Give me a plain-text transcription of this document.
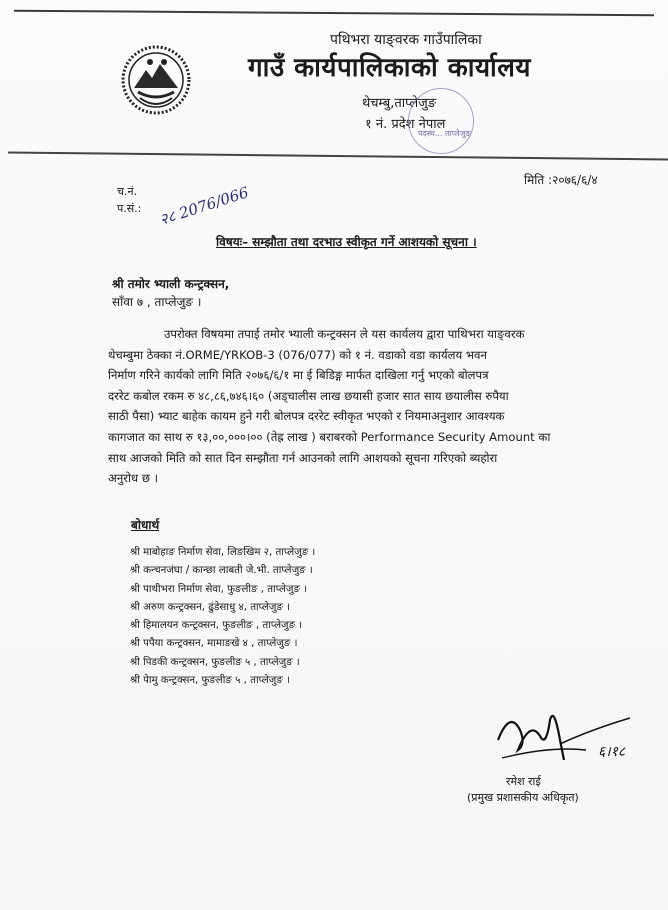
पथिभरा याङ्वरक गाउँपालिका
गाउँ कार्यपालिकाको कार्यालय
थेचम्बु,ताप्लेजुङ
१ नं. प्रदेश नेपाल
पदस्थ... ताप्लेजुङ
मिति :२०७६/६/४
च.नं.
प.सं.: २८ 2076/066
विषयः– सम्झौता तथा दरभाउ स्वीकृत गर्ने आशयको सूचना ।
श्री तमोर भ्याली कन्ट्रक्सन,
साँवा ७ , ताप्लेजुङ ।

उपरोक्त विषयमा तपाई तमोर भ्याली कन्ट्रक्सन ले यस कार्यलय द्वारा पाथिभरा याङ्वरक

थेचम्बुमा ठेक्का नं.ORME/YRKOB-3 (076/077) को १ नं. वडाको वडा कार्यलय भवन

निर्माण गरिने कार्यको लागि मिति २०७६/६/१ मा ई बिडिङ्ग मार्फत दाखिला गर्नु भएको बोलपत्र

दररेट कबोल रकम रु ४८,८६,७४६।६० (अड्चालीस लाख छयासी हजार सात साय छयालीस रुपैया

साठी पैसा) भ्याट बाहेक कायम हुने गरी बोलपत्र दररेट स्वीकृत भएको र नियमाअनुशार आवश्यक

कागजात का साथ रु १३,००,०००।०० (तेह्र लाख ) बराबरको Performance Security Amount का

साथ आजको मिति को सात दिन सम्झौता गर्न आउनको लागि आशयको सूचना गरिएको ब्यहोरा

अनुरोध छ ।

बोधार्थ
श्री माबोहाङ निर्माण सेवा, लिङखिम २, ताप्लेजुङ ।
श्री कन्चनजंघा / कान्छा लाबती जे.भी. ताप्लेजुङ ।
श्री पाथीभरा निर्माण सेवा, फुङलीङ , ताप्लेजुङ ।
श्री अरुण कन्ट्रक्सन, ढुंडेसाधु ४, ताप्लेजुङ ।
श्री हिमालयन कन्ट्रक्सन, फुङलीङ , ताप्लेजुङ ।
श्री पपैया कन्ट्रक्सन, मामाङखे ४ , ताप्लेजुङ ।
श्री पिडकी कन्ट्रक्सन, फुङलीङ ५ , ताप्लेजुङ ।
श्री पेामु कन्ट्रक्सन, फुङलीङ ५ , ताप्लेजुङ ।
६।१८
रमेश राई
(प्रमुख प्रशासकीय अधिकृत)
